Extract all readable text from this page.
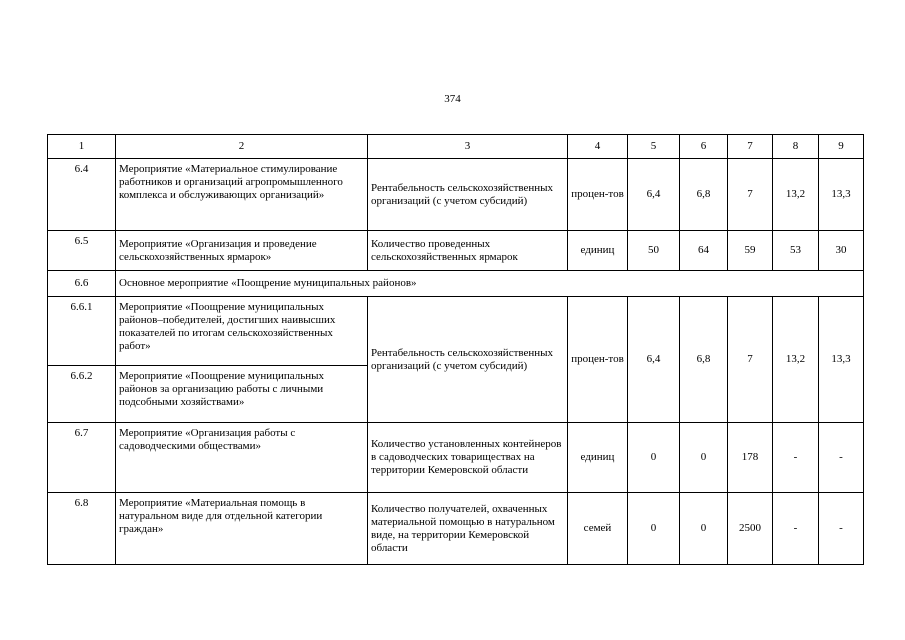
374
1	2	3	4	5	6	7	8	9
6.4	Мероприятие «Материальное стимулирование работников и организаций агропромышленного комплекса и обслуживающих организаций»	Рентабельность сельскохозяйственных организаций (с учетом субсидий)	процен-тов	6,4	6,8	7	13,2	13,3
6.5	Мероприятие «Организация и проведение сельскохозяйственных ярмарок»	Количество проведенных сельскохозяйственных ярмарок	единиц	50	64	59	53	30
6.6	Основное мероприятие «Поощрение муниципальных районов»							
6.6.1	Мероприятие «Поощрение муниципальных районов–победителей, достигших наивысших показателей по итогам сельскохозяйственных работ»	Рентабельность сельскохозяйственных организаций (с учетом субсидий)	процен-тов	6,4	6,8	7	13,2	13,3
6.6.2	Мероприятие «Поощрение муниципальных районов за организацию работы с личными подсобными хозяйствами»							
6.7	Мероприятие «Организация работы с садоводческими обществами»	Количество установленных контейнеров в садоводческих товариществах на территории Кемеровской области	единиц	0	0	178	-	-
6.8	Мероприятие «Материальная помощь в натуральном виде для отдельной категории граждан»	Количество получателей, охваченных материальной помощью в натуральном виде, на территории Кемеровской области	семей	0	0	2500	-	-
